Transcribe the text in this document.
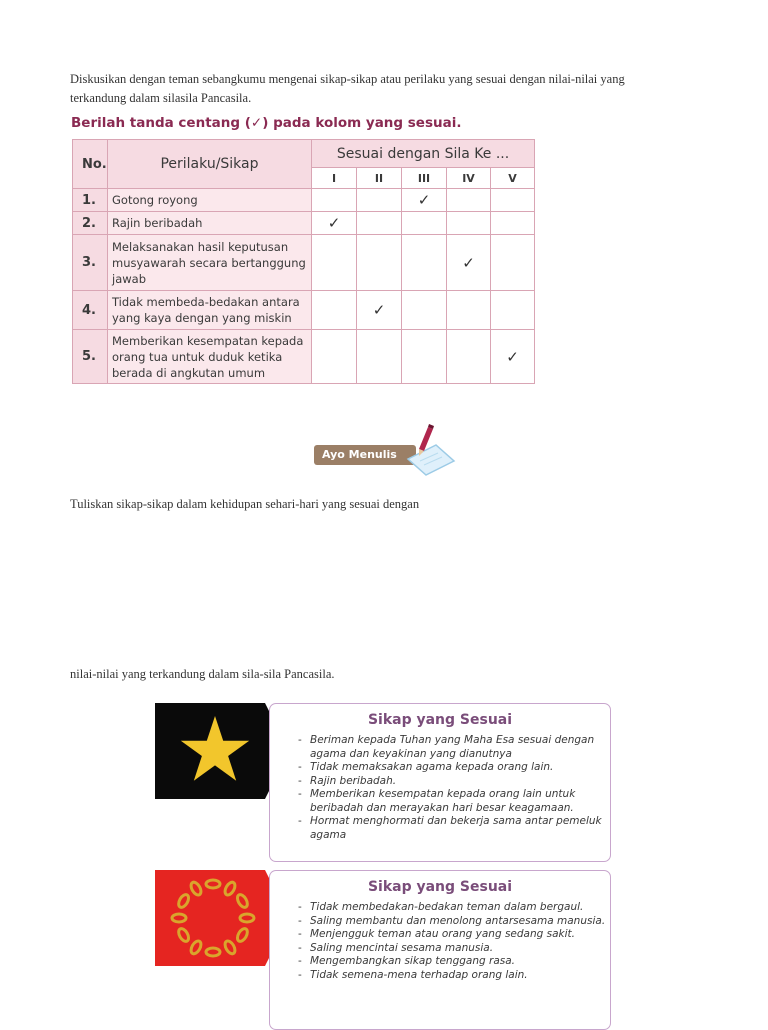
Diskusikan dengan teman sebangkumu mengenai sikap-sikap atau perilaku yang sesuai dengan nilai-nilai yang
terkandung dalam silasila Pancasila.

Berilah tanda centang (✓) pada kolom yang sesuai.

No.	Perilaku/Sikap	Sesuai dengan Sila Ke ...				
		I	II	III	IV	V
1.	Gotong royong			✓		
2.	Rajin beribadah	✓				
3.	Melaksanakan hasil keputusan musyawarah secara bertanggung jawab				✓	
4.	Tidak membeda-bedakan antara yang kaya dengan yang miskin		✓			
5.	Memberikan kesempatan kepada orang tua untuk duduk ketika berada di angkutan umum					✓
Ayo Menulis

Tuliskan sikap-sikap dalam kehidupan sehari-hari yang sesuai dengan

nilai-nilai yang terkandung dalam sila-sila Pancasila.

Sikap yang Sesuai
- Beriman kepada Tuhan yang Maha Esa sesuai dengan agama dan keyakinan yang dianutnya
- Tidak memaksakan agama kepada orang lain.
- Rajin beribadah.
- Memberikan kesempatan kepada orang lain untuk beribadah dan merayakan hari besar keagamaan.
- Hormat menghormati dan bekerja sama antar pemeluk agama
Sikap yang Sesuai
- Tidak membedakan-bedakan teman dalam bergaul.
- Saling membantu dan menolong antarsesama manusia.
- Menjengguk teman atau orang yang sedang sakit.
- Saling mencintai sesama manusia.
- Mengembangkan sikap tenggang rasa.
- Tidak semena-mena terhadap orang lain.
